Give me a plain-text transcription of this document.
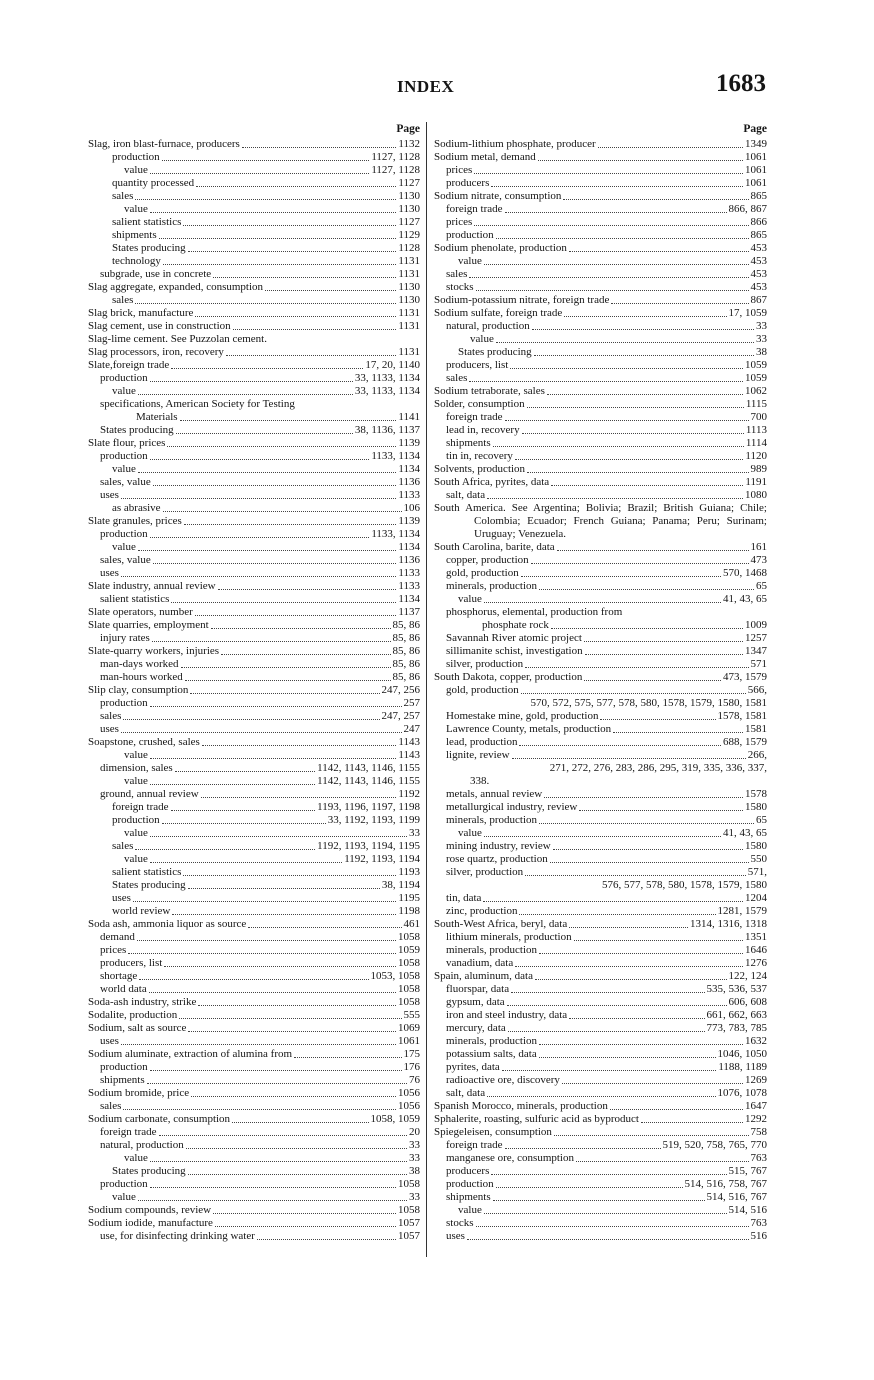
INDEX	1683
Page
Slag, iron blast-furnace, producers	1132
production	1127, 1128
value	1127, 1128
quantity processed	1127
sales	1130
value	1130
salient statistics	1127
shipments	1129
States producing	1128
technology	1131
subgrade, use in concrete	1131
Slag aggregate, expanded, consumption	1130
sales	1130
Slag brick, manufacture	1131
Slag cement, use in construction	1131
Slag-lime cement. See Puzzolan cement.
Slag processors, iron, recovery	1131
Slate,foreign trade	17, 20, 1140
production	33, 1133, 1134
value	33, 1133, 1134
specifications, American Society for Testing
Materials	1141
States producing	38, 1136, 1137
Slate flour, prices	1139
production	1133, 1134
value	1134
sales, value	1136
uses	1133
as abrasive	106
Slate granules, prices	1139
production	1133, 1134
value	1134
sales, value	1136
uses	1133
Slate industry, annual review	1133
salient statistics	1134
Slate operators, number	1137
Slate quarries, employment	85, 86
injury rates	85, 86
Slate-quarry workers, injuries	85, 86
man-days worked	85, 86
man-hours worked	85, 86
Slip clay, consumption	247, 256
production	257
sales	247, 257
uses	247
Soapstone, crushed, sales	1143
value	1143
dimension, sales	1142, 1143, 1146, 1155
value	1142, 1143, 1146, 1155
ground, annual review	1192
foreign trade	1193, 1196, 1197, 1198
production	33, 1192, 1193, 1199
value	33
sales	1192, 1193, 1194, 1195
value	1192, 1193, 1194
salient statistics	1193
States producing	38, 1194
uses	1195
world review	1198
Soda ash, ammonia liquor as source	461
demand	1058
prices	1059
producers, list	1058
shortage	1053, 1058
world data	1058
Soda-ash industry, strike	1058
Sodalite, production	555
Sodium, salt as source	1069
uses	1061
Sodium aluminate, extraction of alumina from	175
production	176
shipments	76
Sodium bromide, price	1056
sales	1056
Sodium carbonate, consumption	1058, 1059
foreign trade	20
natural, production	33
value	33
States producing	38
production	1058
value	33
Sodium compounds, review	1058
Sodium iodide, manufacture	1057
use, for disinfecting drinking water	1057
Page
Sodium-lithium phosphate, producer	1349
Sodium metal, demand	1061
prices	1061
producers	1061
Sodium nitrate, consumption	865
foreign trade	866, 867
prices	866
production	865
Sodium phenolate, production	453
value	453
sales	453
stocks	453
Sodium-potassium nitrate, foreign trade	867
Sodium sulfate, foreign trade	17, 1059
natural, production	33
value	33
States producing	38
producers, list	1059
sales	1059
Sodium tetraborate, sales	1062
Solder, consumption	1115
foreign trade	700
lead in, recovery	1113
shipments	1114
tin in, recovery	1120
Solvents, production	989
South Africa, pyrites, data	1191
salt, data	1080
South America. See Argentina; Bolivia; Brazil; British Guiana; Chile; Colombia; Ecuador; French Guiana; Panama; Peru; Surinam; Uruguay; Venezuela.
South Carolina, barite, data	161
copper, production	473
gold, production	570, 1468
minerals, production	65
value	41, 43, 65
phosphorus, elemental, production from
phosphate rock	1009
Savannah River atomic project	1257
sillimanite schist, investigation	1347
silver, production	571
South Dakota, copper, production	473, 1579
gold, production	566,
570, 572, 575, 577, 578, 580, 1578, 1579, 1580, 1581
Homestake mine, gold, production	1578, 1581
Lawrence County, metals, production	1581
lead, production	688, 1579
lignite, review	266,
271, 272, 276, 283, 286, 295, 319, 335, 336, 337,
338.
metals, annual review	1578
metallurgical industry, review	1580
minerals, production	65
value	41, 43, 65
mining industry, review	1580
rose quartz, production	550
silver, production	571,
576, 577, 578, 580, 1578, 1579, 1580
tin, data	1204
zinc, production	1281, 1579
South-West Africa, beryl, data	1314, 1316, 1318
lithium minerals, production	1351
minerals, production	1646
vanadium, data	1276
Spain, aluminum, data	122, 124
fluorspar, data	535, 536, 537
gypsum, data	606, 608
iron and steel industry, data	661, 662, 663
mercury, data	773, 783, 785
minerals, production	1632
potassium salts, data	1046, 1050
pyrites, data	1188, 1189
radioactive ore, discovery	1269
salt, data	1076, 1078
Spanish Morocco, minerals, production	1647
Sphalerite, roasting, sulfuric acid as byproduct	1292
Spiegeleisen, consumption	758
foreign trade	519, 520, 758, 765, 770
manganese ore, consumption	763
producers	515, 767
production	514, 516, 758, 767
shipments	514, 516, 767
value	514, 516
stocks	763
uses	516
